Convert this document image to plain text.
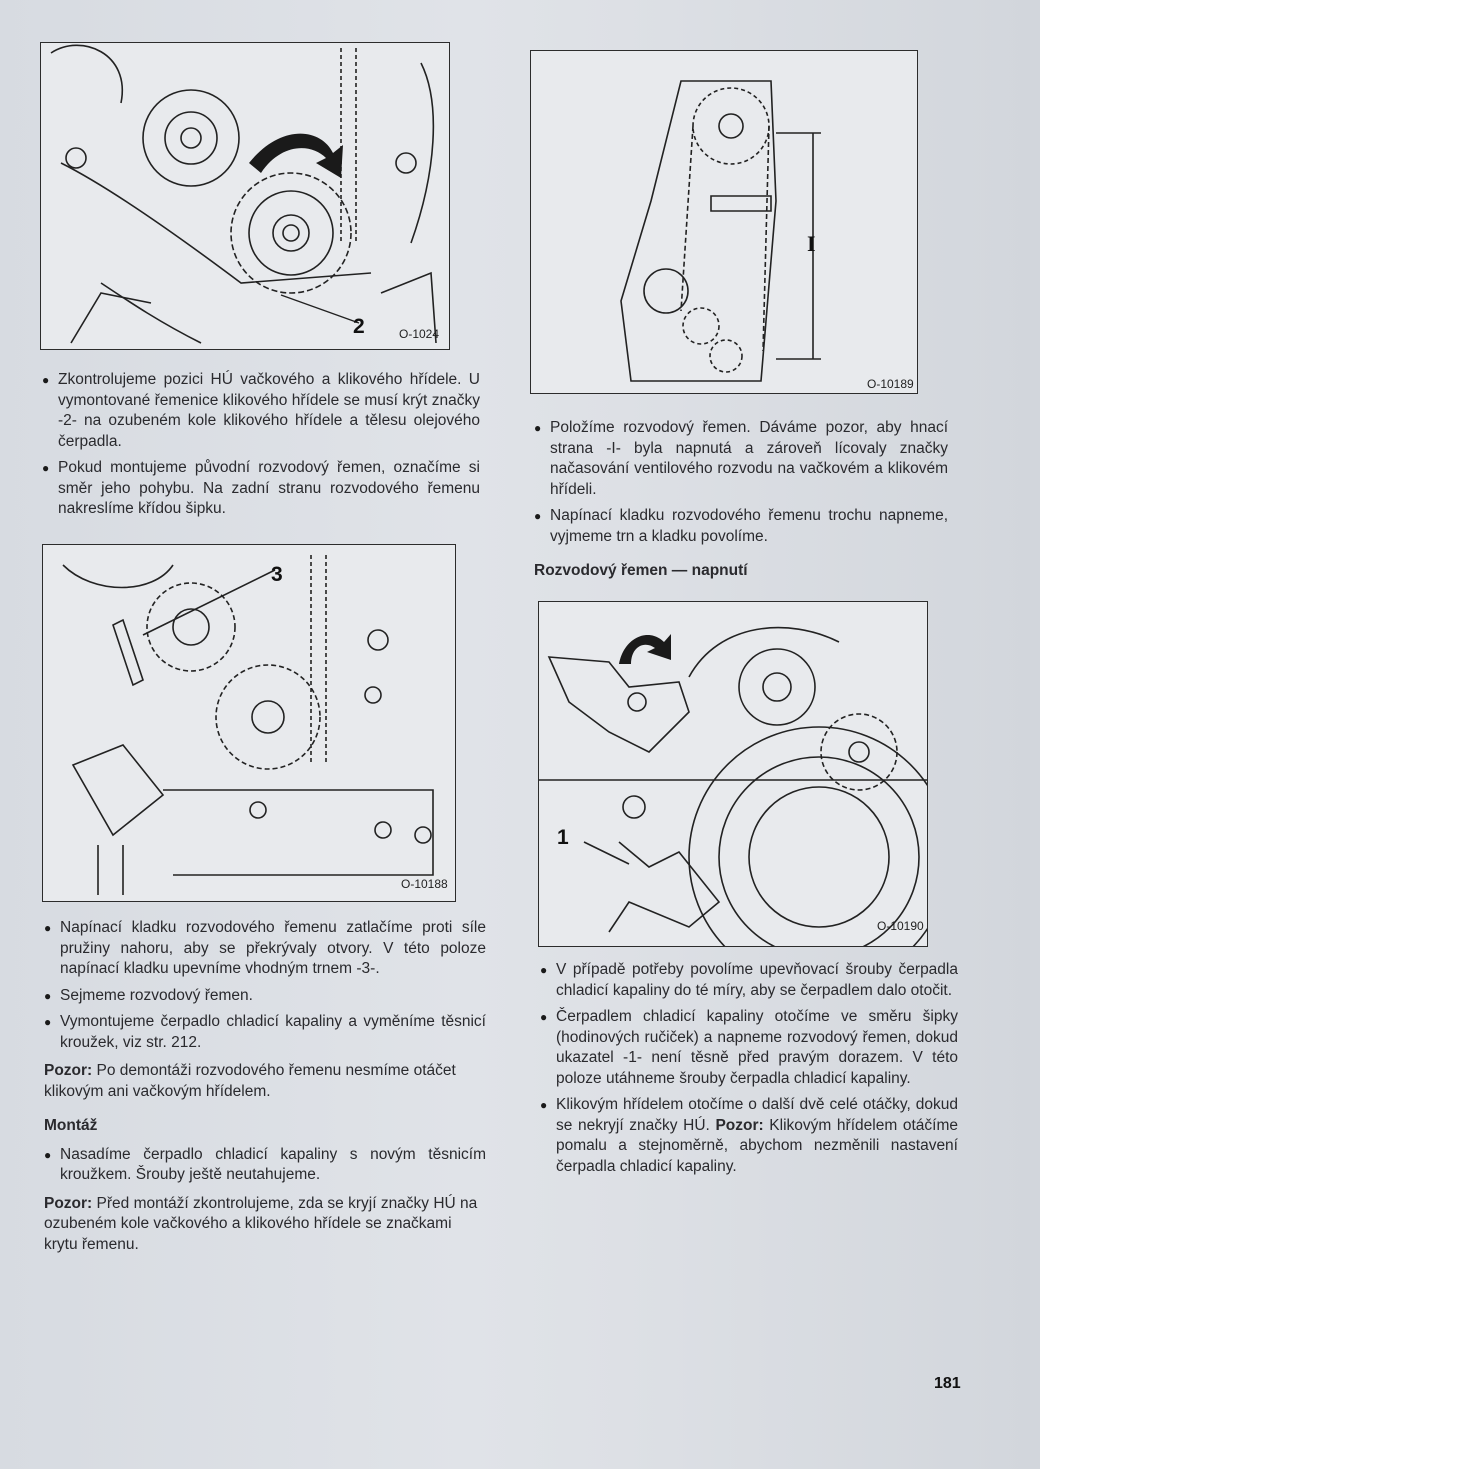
2	O-1024
I
O-10189
3
O-10188
1
O-10190

● Zkontrolujeme pozici HÚ vačkového a klikového hřídele. U vymontované řemenice klikového hřídele se musí krýt značky -2- na ozubeném kole klikového hřídele a tělesu olejového čerpadla.

● Pokud montujeme původní rozvodový řemen, označíme si směr jeho pohybu. Na zadní stranu rozvodového řemenu nakreslíme křídou šipku.

● Napínací kladku rozvodového řemenu zatlačíme proti síle pružiny nahoru, aby se překrývaly otvory. V této poloze napínací kladku upevníme vhodným trnem -3-.

● Sejmeme rozvodový řemen.

● Vymontujeme čerpadlo chladicí kapaliny a vyměníme těsnicí kroužek, viz str. 212.

Pozor: Po demontáži rozvodového řemenu nesmíme otáčet klikovým ani vačkovým hřídelem.

Montáž

● Nasadíme čerpadlo chladicí kapaliny s novým těsnicím kroužkem. Šrouby ještě neutahujeme.

Pozor: Před montáží zkontrolujeme, zda se kryjí značky HÚ na ozubeném kole vačkového a klikového hřídele se značkami krytu řemenu.

● Položíme rozvodový řemen. Dáváme pozor, aby hnací strana -I- byla napnutá a zároveň lícovaly značky načasování ventilového rozvodu na vačkovém a klikovém hřídeli.

● Napínací kladku rozvodového řemenu trochu napneme, vyjmeme trn a kladku povolíme.

Rozvodový řemen — napnutí

● V případě potřeby povolíme upevňovací šrouby čerpadla chladicí kapaliny do té míry, aby se čerpadlem dalo otočit.

● Čerpadlem chladicí kapaliny otočíme ve směru šipky (hodinových ručiček) a napneme rozvodový řemen, dokud ukazatel -1- není těsně před pravým dorazem. V této poloze utáhneme šrouby čerpadla chladicí kapaliny.

● Klikovým hřídelem otočíme o další dvě celé otáčky, dokud se nekryjí značky HÚ. Pozor: Klikovým hřídelem otáčíme pomalu a stejnoměrně, abychom nezměnili nastavení čerpadla chladicí kapaliny.

181
